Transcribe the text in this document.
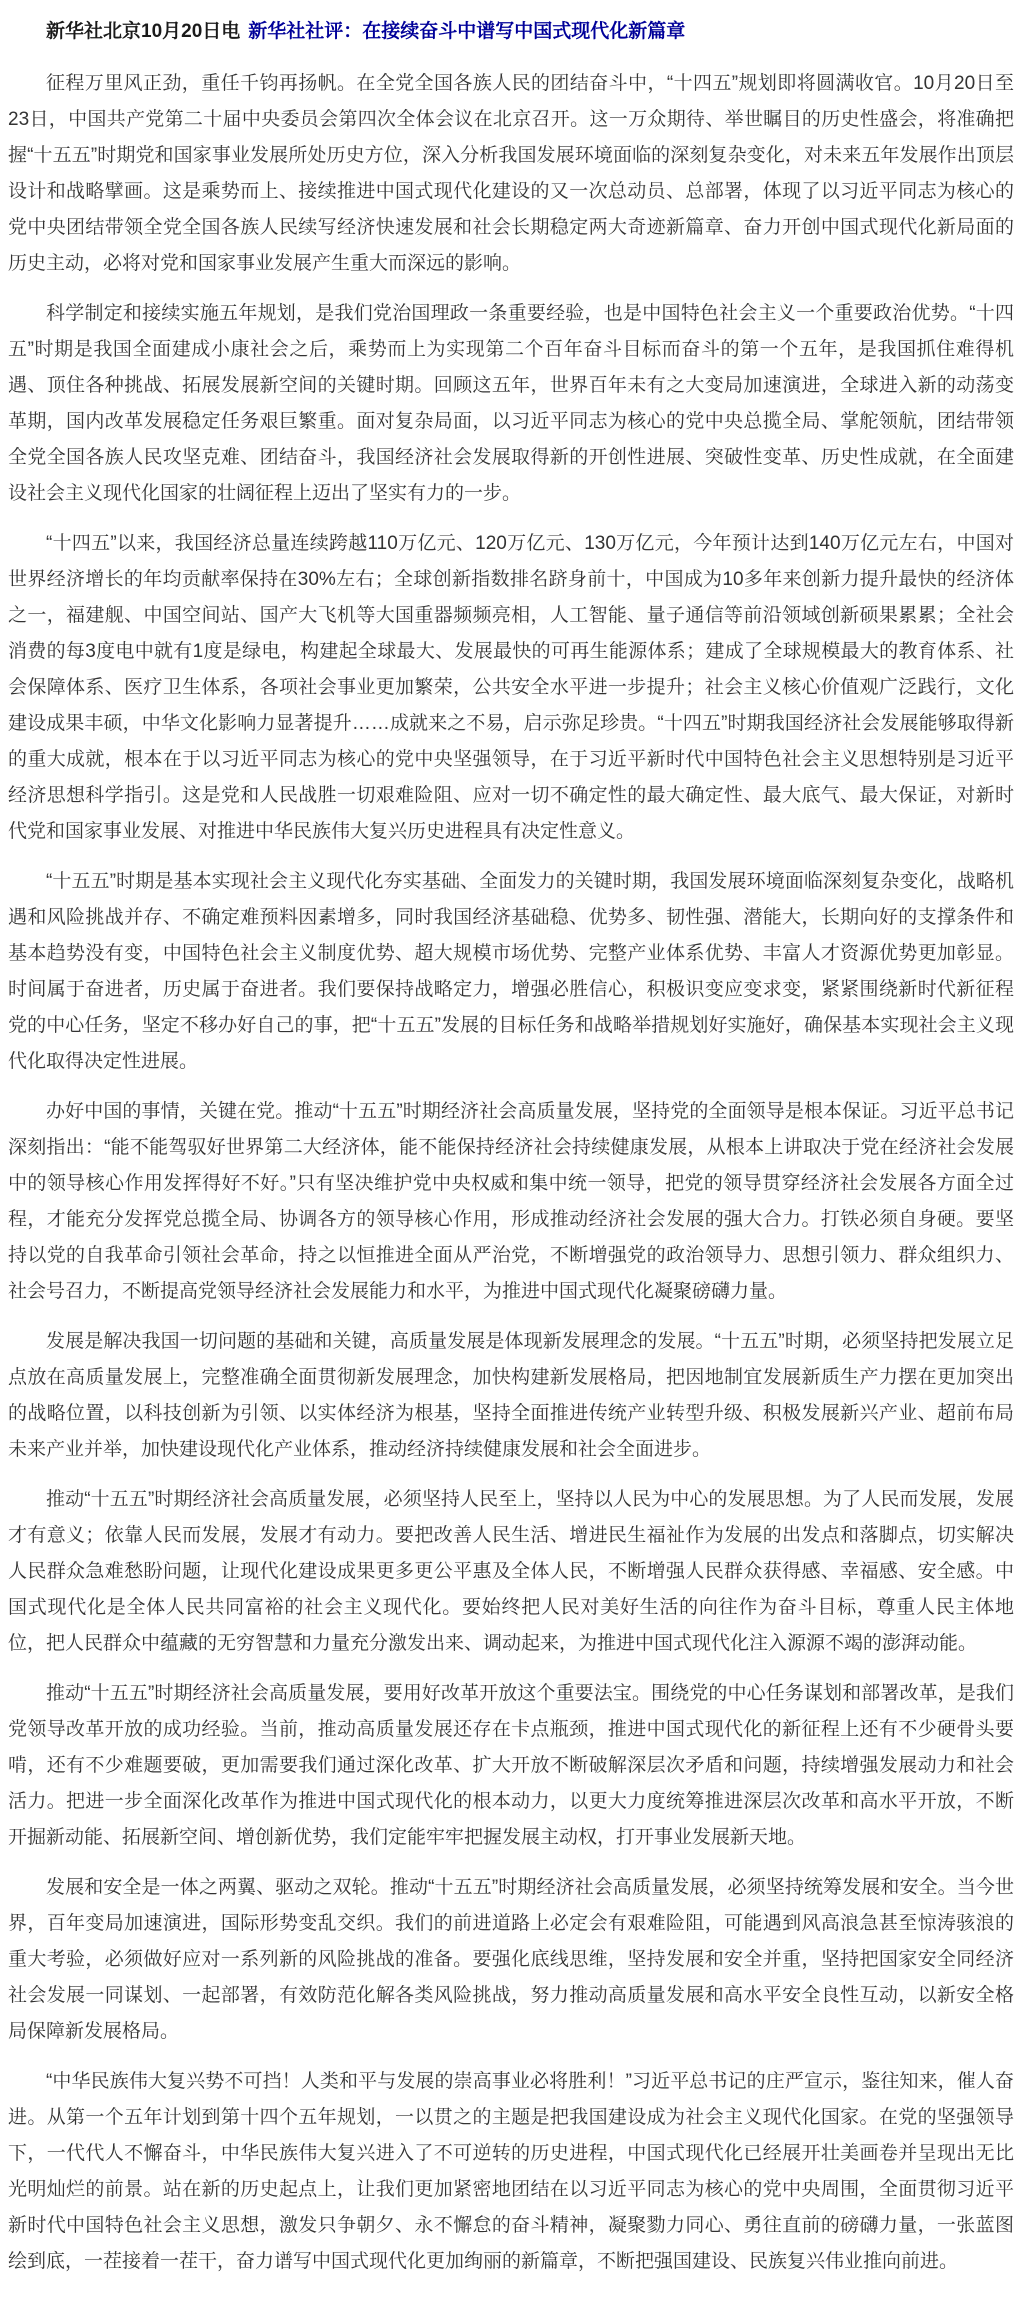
新华社北京10月20日电 新华社社评：在接续奋斗中谱写中国式现代化新篇章

征程万里风正劲，重任千钧再扬帆。在全党全国各族人民的团结奋斗中，“十四五”规划即将圆满收官。10月20日至23日，中国共产党第二十届中央委员会第四次全体会议在北京召开。这一万众期待、举世瞩目的历史性盛会，将准确把握“十五五”时期党和国家事业发展所处历史方位，深入分析我国发展环境面临的深刻复杂变化，对未来五年发展作出顶层设计和战略擘画。这是乘势而上、接续推进中国式现代化建设的又一次总动员、总部署，体现了以习近平同志为核心的党中央团结带领全党全国各族人民续写经济快速发展和社会长期稳定两大奇迹新篇章、奋力开创中国式现代化新局面的历史主动，必将对党和国家事业发展产生重大而深远的影响。

科学制定和接续实施五年规划，是我们党治国理政一条重要经验，也是中国特色社会主义一个重要政治优势。“十四五”时期是我国全面建成小康社会之后，乘势而上为实现第二个百年奋斗目标而奋斗的第一个五年，是我国抓住难得机遇、顶住各种挑战、拓展发展新空间的关键时期。回顾这五年，世界百年未有之大变局加速演进，全球进入新的动荡变革期，国内改革发展稳定任务艰巨繁重。面对复杂局面，以习近平同志为核心的党中央总揽全局、掌舵领航，团结带领全党全国各族人民攻坚克难、团结奋斗，我国经济社会发展取得新的开创性进展、突破性变革、历史性成就，在全面建设社会主义现代化国家的壮阔征程上迈出了坚实有力的一步。

“十四五”以来，我国经济总量连续跨越110万亿元、120万亿元、130万亿元，今年预计达到140万亿元左右，中国对世界经济增长的年均贡献率保持在30%左右；全球创新指数排名跻身前十，中国成为10多年来创新力提升最快的经济体之一，福建舰、中国空间站、国产大飞机等大国重器频频亮相，人工智能、量子通信等前沿领域创新硕果累累；全社会消费的每3度电中就有1度是绿电，构建起全球最大、发展最快的可再生能源体系；建成了全球规模最大的教育体系、社会保障体系、医疗卫生体系，各项社会事业更加繁荣，公共安全水平进一步提升；社会主义核心价值观广泛践行，文化建设成果丰硕，中华文化影响力显著提升……成就来之不易，启示弥足珍贵。“十四五”时期我国经济社会发展能够取得新的重大成就，根本在于以习近平同志为核心的党中央坚强领导，在于习近平新时代中国特色社会主义思想特别是习近平经济思想科学指引。这是党和人民战胜一切艰难险阻、应对一切不确定性的最大确定性、最大底气、最大保证，对新时代党和国家事业发展、对推进中华民族伟大复兴历史进程具有决定性意义。

“十五五”时期是基本实现社会主义现代化夯实基础、全面发力的关键时期，我国发展环境面临深刻复杂变化，战略机遇和风险挑战并存、不确定难预料因素增多，同时我国经济基础稳、优势多、韧性强、潜能大，长期向好的支撑条件和基本趋势没有变，中国特色社会主义制度优势、超大规模市场优势、完整产业体系优势、丰富人才资源优势更加彰显。时间属于奋进者，历史属于奋进者。我们要保持战略定力，增强必胜信心，积极识变应变求变，紧紧围绕新时代新征程党的中心任务，坚定不移办好自己的事，把“十五五”发展的目标任务和战略举措规划好实施好，确保基本实现社会主义现代化取得决定性进展。

办好中国的事情，关键在党。推动“十五五”时期经济社会高质量发展，坚持党的全面领导是根本保证。习近平总书记深刻指出：“能不能驾驭好世界第二大经济体，能不能保持经济社会持续健康发展，从根本上讲取决于党在经济社会发展中的领导核心作用发挥得好不好。”只有坚决维护党中央权威和集中统一领导，把党的领导贯穿经济社会发展各方面全过程，才能充分发挥党总揽全局、协调各方的领导核心作用，形成推动经济社会发展的强大合力。打铁必须自身硬。要坚持以党的自我革命引领社会革命，持之以恒推进全面从严治党，不断增强党的政治领导力、思想引领力、群众组织力、社会号召力，不断提高党领导经济社会发展能力和水平，为推进中国式现代化凝聚磅礴力量。

发展是解决我国一切问题的基础和关键，高质量发展是体现新发展理念的发展。“十五五”时期，必须坚持把发展立足点放在高质量发展上，完整准确全面贯彻新发展理念，加快构建新发展格局，把因地制宜发展新质生产力摆在更加突出的战略位置，以科技创新为引领、以实体经济为根基，坚持全面推进传统产业转型升级、积极发展新兴产业、超前布局未来产业并举，加快建设现代化产业体系，推动经济持续健康发展和社会全面进步。

推动“十五五”时期经济社会高质量发展，必须坚持人民至上，坚持以人民为中心的发展思想。为了人民而发展，发展才有意义；依靠人民而发展，发展才有动力。要把改善人民生活、增进民生福祉作为发展的出发点和落脚点，切实解决人民群众急难愁盼问题，让现代化建设成果更多更公平惠及全体人民，不断增强人民群众获得感、幸福感、安全感。中国式现代化是全体人民共同富裕的社会主义现代化。要始终把人民对美好生活的向往作为奋斗目标，尊重人民主体地位，把人民群众中蕴藏的无穷智慧和力量充分激发出来、调动起来，为推进中国式现代化注入源源不竭的澎湃动能。

推动“十五五”时期经济社会高质量发展，要用好改革开放这个重要法宝。围绕党的中心任务谋划和部署改革，是我们党领导改革开放的成功经验。当前，推动高质量发展还存在卡点瓶颈，推进中国式现代化的新征程上还有不少硬骨头要啃，还有不少难题要破，更加需要我们通过深化改革、扩大开放不断破解深层次矛盾和问题，持续增强发展动力和社会活力。把进一步全面深化改革作为推进中国式现代化的根本动力，以更大力度统筹推进深层次改革和高水平开放，不断开掘新动能、拓展新空间、增创新优势，我们定能牢牢把握发展主动权，打开事业发展新天地。

发展和安全是一体之两翼、驱动之双轮。推动“十五五”时期经济社会高质量发展，必须坚持统筹发展和安全。当今世界，百年变局加速演进，国际形势变乱交织。我们的前进道路上必定会有艰难险阻，可能遇到风高浪急甚至惊涛骇浪的重大考验，必须做好应对一系列新的风险挑战的准备。要强化底线思维，坚持发展和安全并重，坚持把国家安全同经济社会发展一同谋划、一起部署，有效防范化解各类风险挑战，努力推动高质量发展和高水平安全良性互动，以新安全格局保障新发展格局。

“中华民族伟大复兴势不可挡！人类和平与发展的崇高事业必将胜利！”习近平总书记的庄严宣示，鉴往知来，催人奋进。从第一个五年计划到第十四个五年规划，一以贯之的主题是把我国建设成为社会主义现代化国家。在党的坚强领导下，一代代人不懈奋斗，中华民族伟大复兴进入了不可逆转的历史进程，中国式现代化已经展开壮美画卷并呈现出无比光明灿烂的前景。站在新的历史起点上，让我们更加紧密地团结在以习近平同志为核心的党中央周围，全面贯彻习近平新时代中国特色社会主义思想，激发只争朝夕、永不懈怠的奋斗精神，凝聚勠力同心、勇往直前的磅礴力量，一张蓝图绘到底，一茬接着一茬干，奋力谱写中国式现代化更加绚丽的新篇章，不断把强国建设、民族复兴伟业推向前进。
